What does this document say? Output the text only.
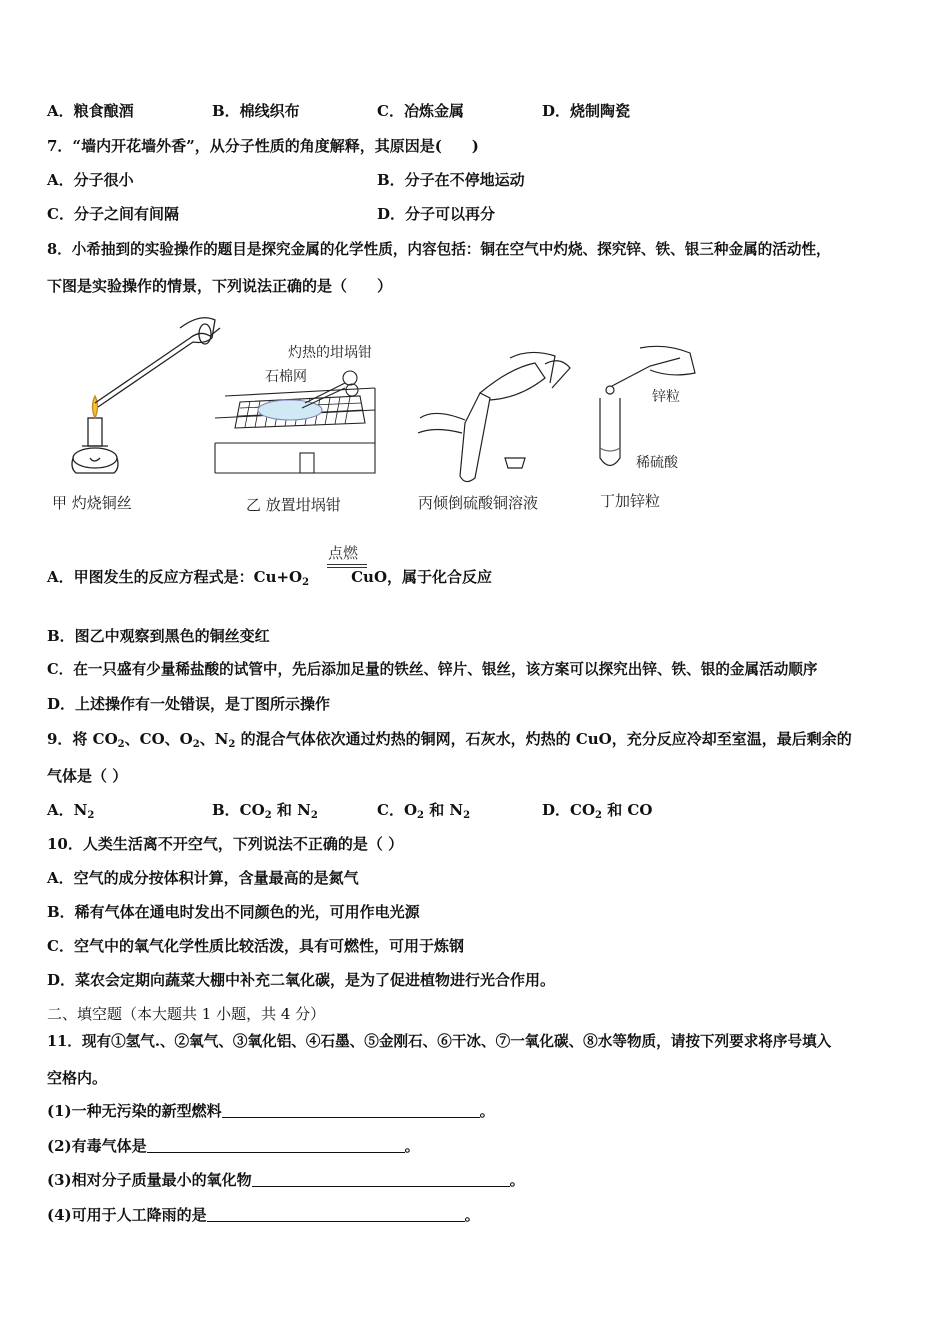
A．粮食酿酒	B．棉线织布	C．冶炼金属	D．烧制陶瓷
7．“墙内开花墙外香”，从分子性质的角度解释，其原因是(　　)
A．分子很小	B．分子在不停地运动
C．分子之间有间隔	D．分子可以再分
8．小希抽到的实验操作的题目是探究金属的化学性质，内容包括：铜在空气中灼烧、探究锌、铁、银三种金属的活动性，
下图是实验操作的情景，下列说法正确的是（　　）
石棉网
灼热的坩埚钳
锌粒
稀硫酸
甲 灼烧铜丝	乙 放置坩埚钳	丙倾倒硫酸铜溶液	丁加锌粒
点燃
A．甲图发生的反应方程式是：$Cu+O_2$	CuO，属于化合反应
B．图乙中观察到黑色的铜丝变红
C．在一只盛有少量稀盐酸的试管中，先后添加足量的铁丝、锌片、银丝，该方案可以探究出锌、铁、银的金属活动顺序
D．上述操作有一处错误，是丁图所示操作
9．将 $CO_2$、CO、$O_2$、$N_2$ 的混合气体依次通过灼热的铜网，石灰水，灼热的 CuO，充分反应冷却至室温，最后剩余的
气体是（ ）
A．$N_2$	B．$CO_2$ 和 $N_2$	C．$O_2$ 和 $N_2$	D．$CO_2$ 和 CO
10．人类生活离不开空气，下列说法不正确的是（ ）
A．空气的成分按体积计算，含量最高的是氮气
B．稀有气体在通电时发出不同颜色的光，可用作电光源
C．空气中的氧气化学性质比较活泼，具有可燃性，可用于炼钢
D．菜农会定期向蔬菜大棚中补充二氧化碳，是为了促进植物进行光合作用。
二、填空题（本大题共 1 小题，共 4 分）
11．现有①氢气.、②氧气、③氧化铝、④石墨、⑤金刚石、⑥干冰、⑦一氧化碳、⑧水等物质，请按下列要求将序号填入
空格内。
(1)一种无污染的新型燃料	。
(2)有毒气体是	。
(3)相对分子质量最小的氧化物	。
(4)可用于人工降雨的是	。
